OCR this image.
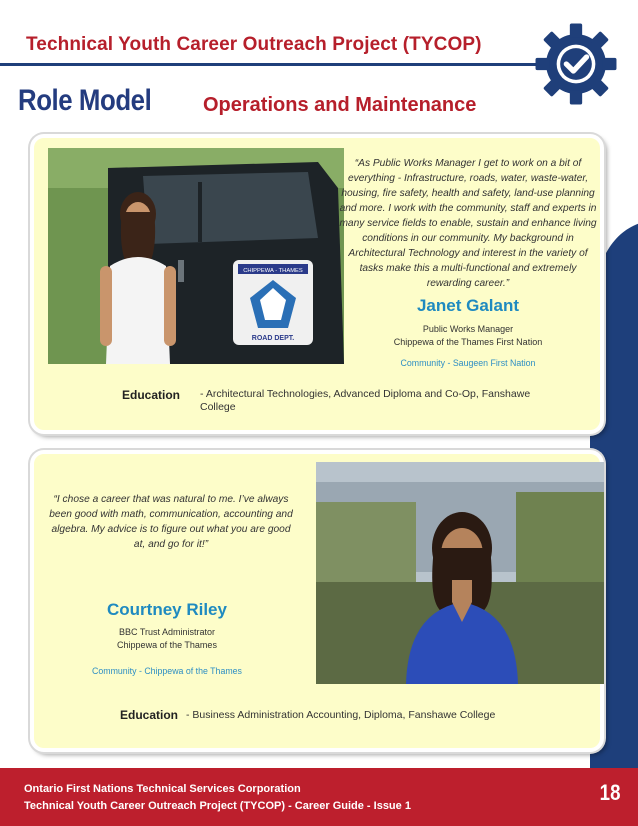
Technical Youth Career Outreach Project (TYCOP)
Role Model	Operations and Maintenance
CHIPPEWA - THAMES
ROAD DEPT.
“As Public Works Manager I get to work on a bit of everything - Infrastructure, roads, water, waste-water, housing, fire safety, health and safety, land-use planning and more. I work with the community, staff and experts in many service fields to enable, sustain and enhance living conditions in our community. My background in Architectural Technology and interest in the variety of tasks make this a multi-functional and extremely rewarding career.”
Janet Galant
Public Works Manager
Chippewa of the Thames First Nation
Community - Saugeen First Nation
Education - Architectural Technologies, Advanced Diploma and Co-Op, Fanshawe College
“I chose a career that was natural to me. I’ve always been good with math, communication, accounting and algebra. My advice is to figure out what you are good at, and go for it!”
Courtney Riley
BBC Trust Administrator
Chippewa of the Thames
Community - Chippewa of the Thames
Education - Business Administration Accounting, Diploma, Fanshawe College
Ontario First Nations Technical Services Corporation
Technical Youth Career Outreach Project (TYCOP) - Career Guide - Issue 1
18
